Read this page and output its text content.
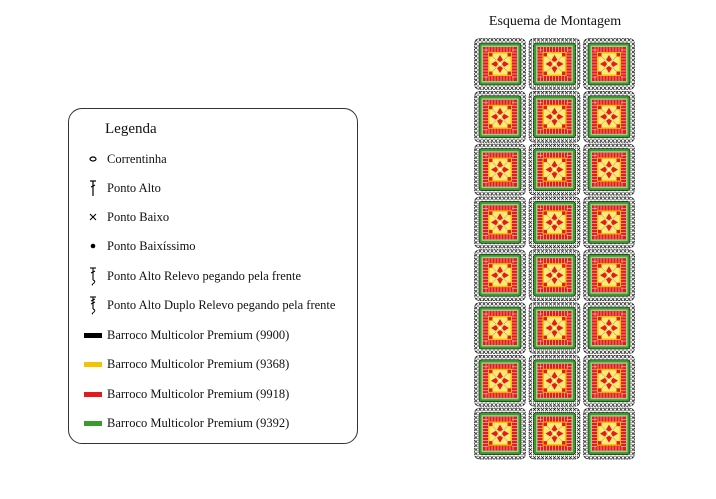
Legenda
Correntinha
Ponto Alto
Ponto Baixo
Ponto Baixíssimo
Ponto Alto Relevo pegando pela frente
Ponto Alto Duplo Relevo pegando pela frente
Barroco Multicolor Premium (9900)
Barroco Multicolor Premium (9368)
Barroco Multicolor Premium (9918)
Barroco Multicolor Premium (9392)
Esquema de Montagem
